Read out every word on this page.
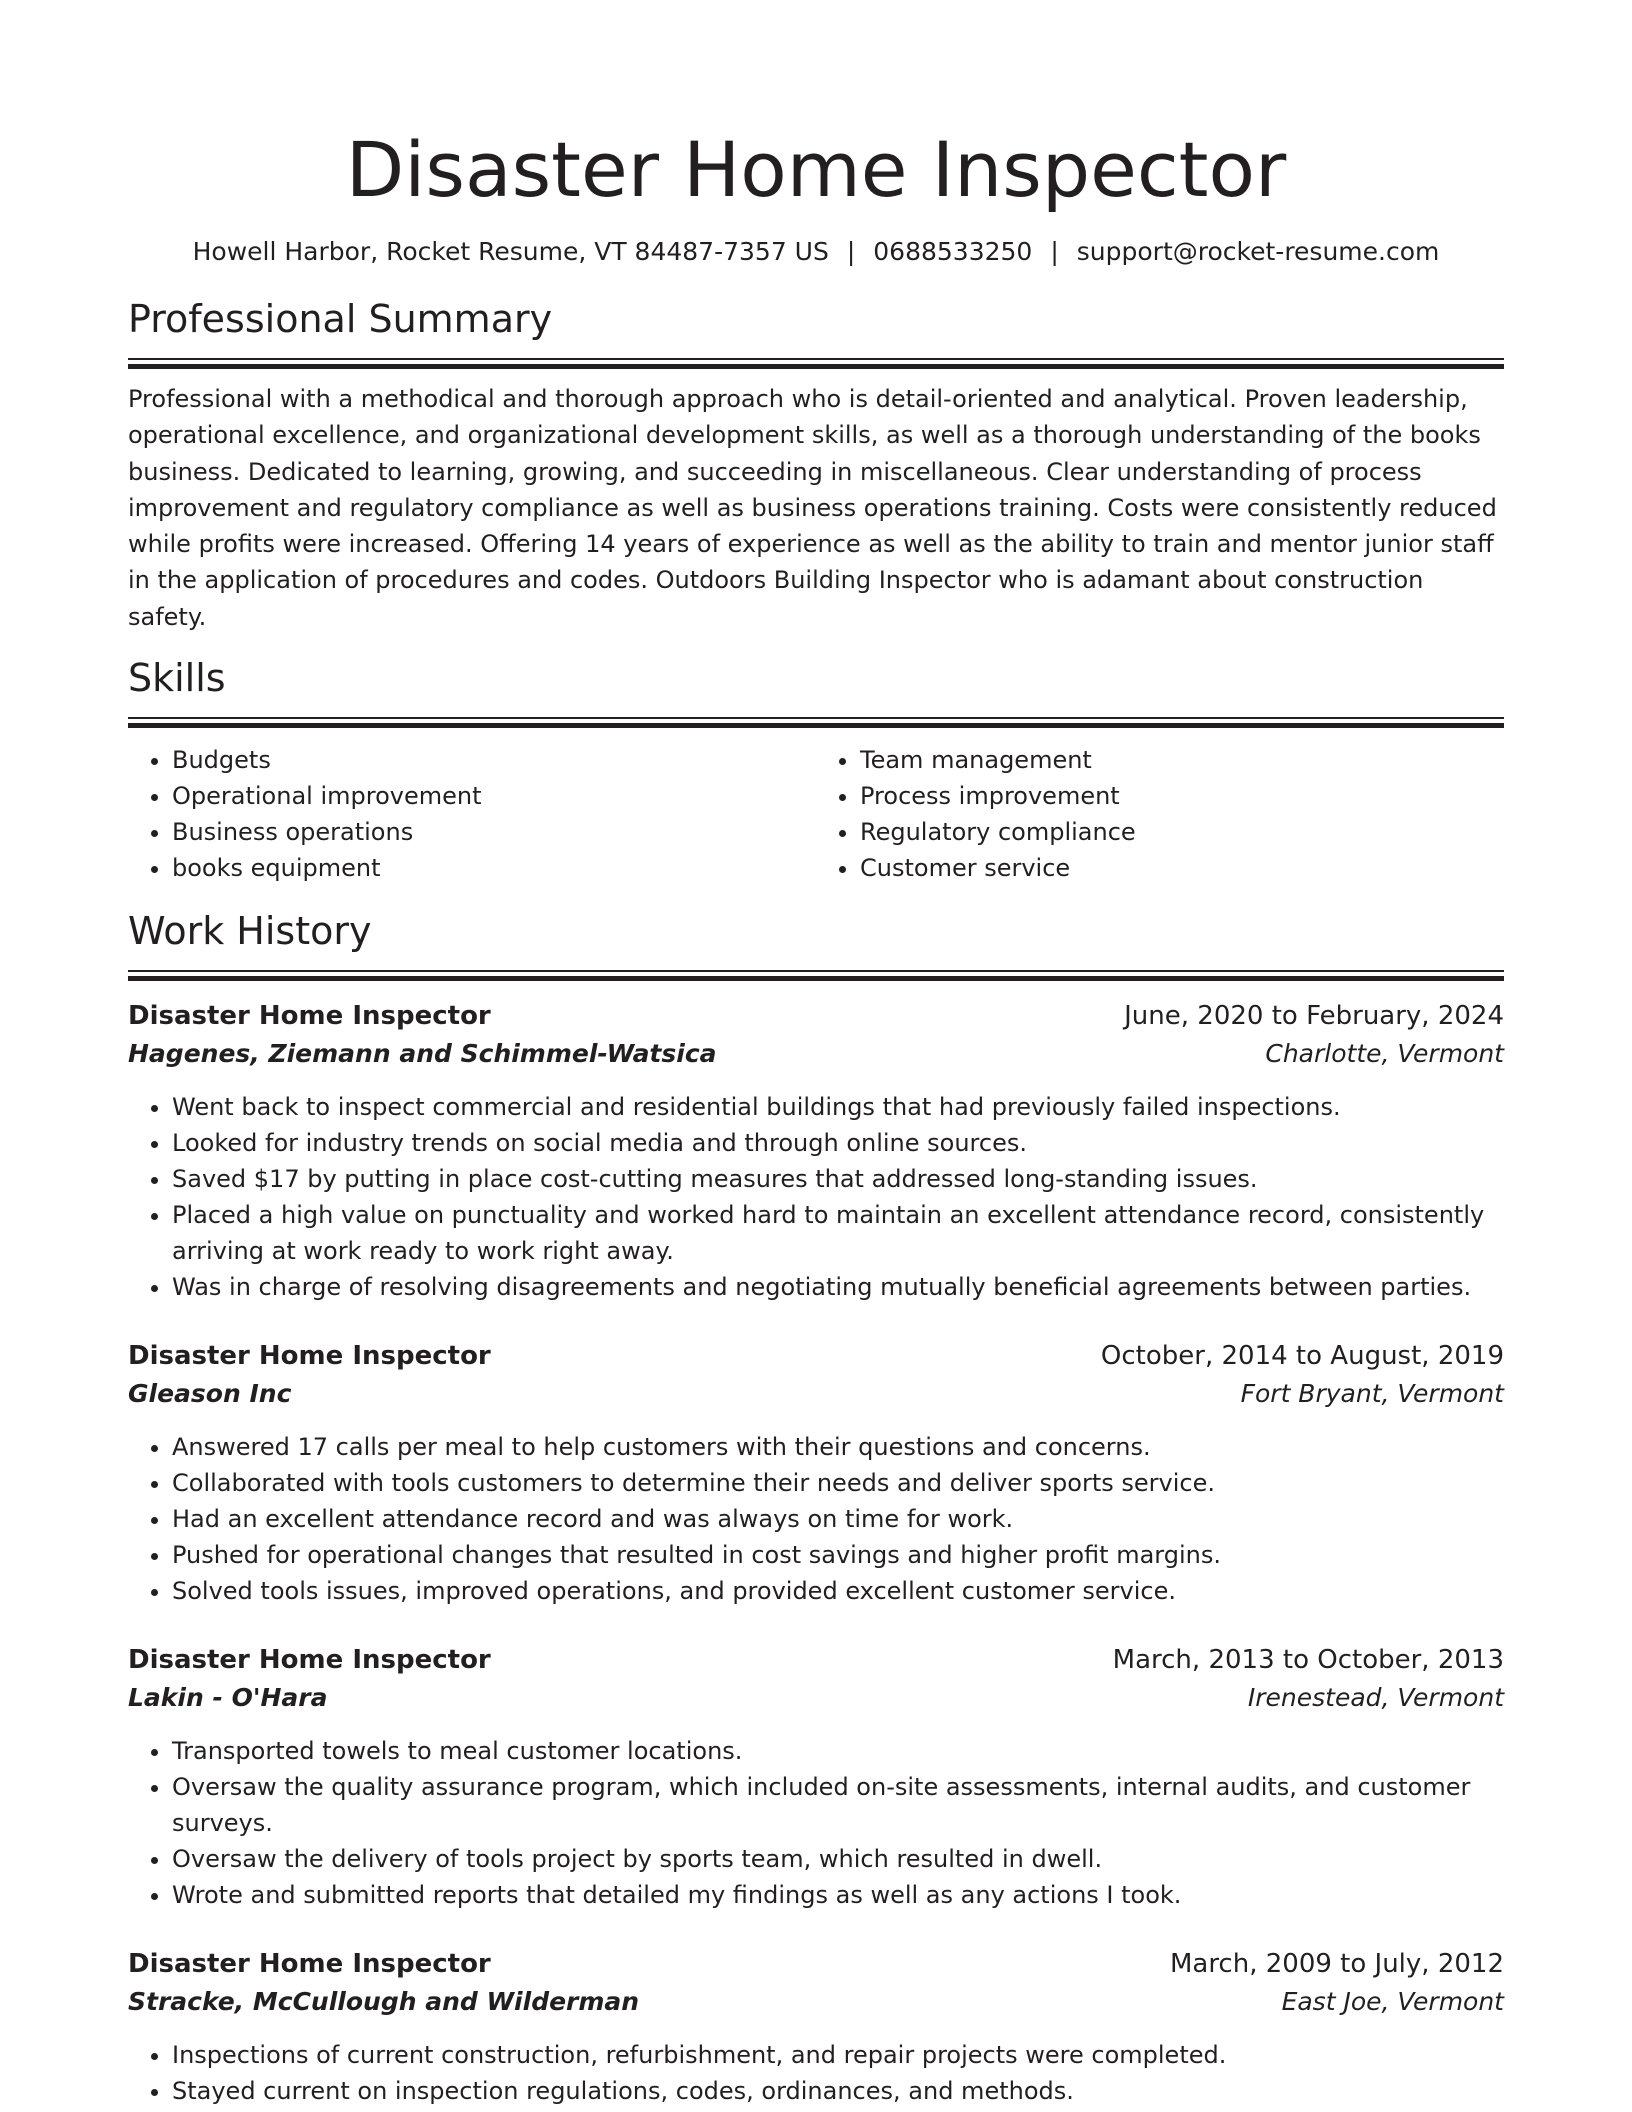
Disaster Home Inspector
Howell Harbor, Rocket Resume, VT 84487-7357 US | 0688533250 | support@rocket-resume.com
Professional Summary

Professional with a methodical and thorough approach who is detail-oriented and analytical. Proven leadership, operational excellence, and organizational development skills, as well as a thorough understanding of the books business. Dedicated to learning, growing, and succeeding in miscellaneous. Clear understanding of process improvement and regulatory compliance as well as business operations training. Costs were consistently reduced while profits were increased. Offering 14 years of experience as well as the ability to train and mentor junior staff in the application of procedures and codes. Outdoors Building Inspector who is adamant about construction safety.

Skills
• Budgets
• Operational improvement
• Business operations
• books equipment
• Team management
• Process improvement
• Regulatory compliance
• Customer service
Work History
Disaster Home Inspector	June, 2020 to February, 2024
Hagenes, Ziemann and Schimmel-Watsica	Charlotte, Vermont
• Went back to inspect commercial and residential buildings that had previously failed inspections.
• Looked for industry trends on social media and through online sources.
• Saved $17 by putting in place cost-cutting measures that addressed long-standing issues.
• Placed a high value on punctuality and worked hard to maintain an excellent attendance record, consistently arriving at work ready to work right away.
• Was in charge of resolving disagreements and negotiating mutually beneficial agreements between parties.
Disaster Home Inspector	October, 2014 to August, 2019
Gleason Inc	Fort Bryant, Vermont
• Answered 17 calls per meal to help customers with their questions and concerns.
• Collaborated with tools customers to determine their needs and deliver sports service.
• Had an excellent attendance record and was always on time for work.
• Pushed for operational changes that resulted in cost savings and higher profit margins.
• Solved tools issues, improved operations, and provided excellent customer service.
Disaster Home Inspector	March, 2013 to October, 2013
Lakin - O'Hara	Irenestead, Vermont
• Transported towels to meal customer locations.
• Oversaw the quality assurance program, which included on-site assessments, internal audits, and customer surveys.
• Oversaw the delivery of tools project by sports team, which resulted in dwell.
• Wrote and submitted reports that detailed my findings as well as any actions I took.
Disaster Home Inspector	March, 2009 to July, 2012
Stracke, McCullough and Wilderman	East Joe, Vermont
• Inspections of current construction, refurbishment, and repair projects were completed.
• Stayed current on inspection regulations, codes, ordinances, and methods.
